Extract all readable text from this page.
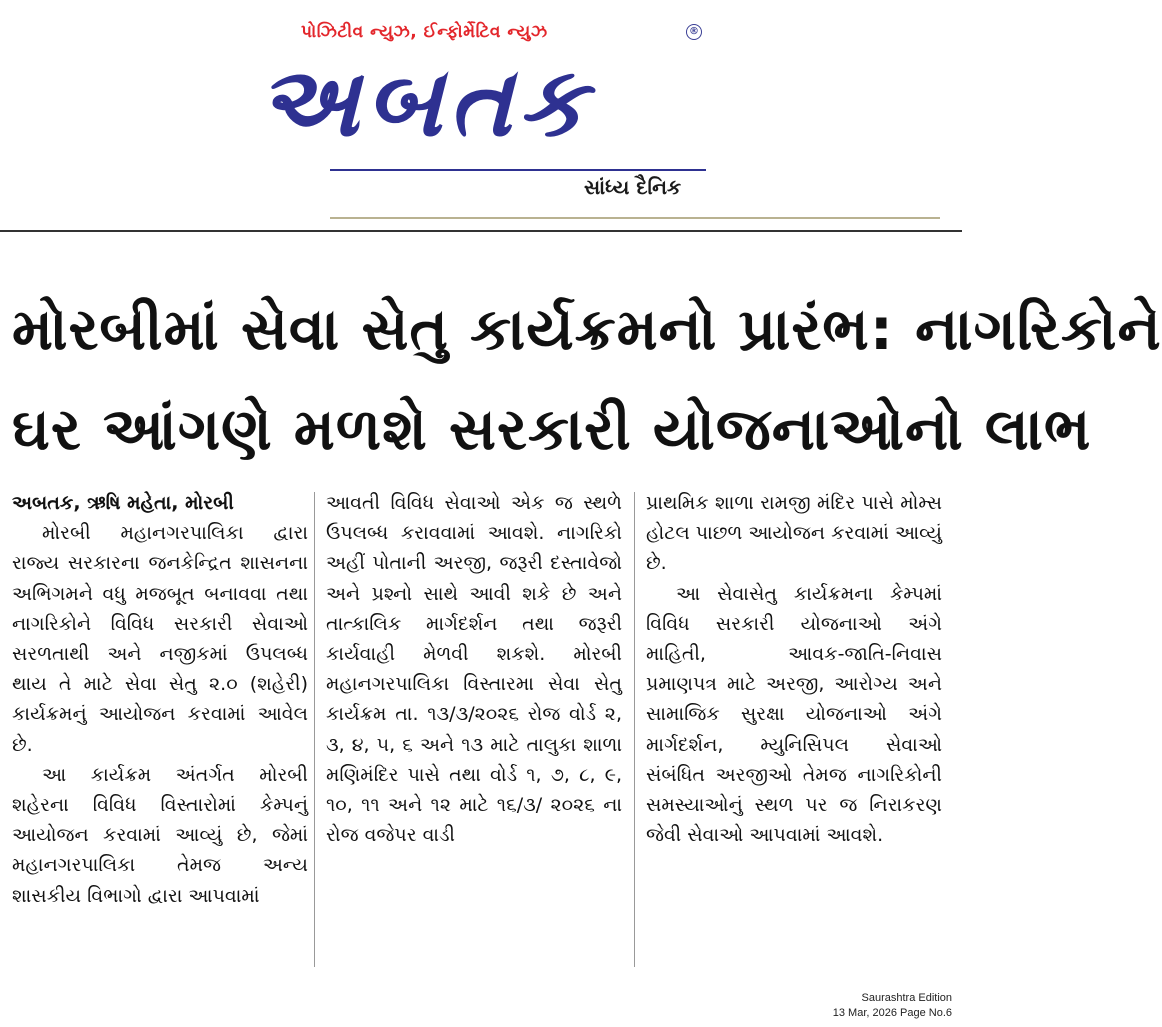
પોઝિટીવ ન્યુઝ, ઈન્ફોર્મેટિવ ન્યુઝ	®
અબતક
સાંધ્ય દૈનિક
મોરબીમાં સેવા સેતુ કાર્યક્રમનો પ્રારંભ: નાગરિકોને
ઘર આંગણે મળશે સરકારી યોજનાઓનો લાભ

અબતક, ઋષિ મહેતા, મોરબી

મોરબી મહાનગરપાલિકા દ્વારા રાજ્ય સરકારના જનકેન્દ્રિત શાસનના અભિગમને વધુ મજબૂત બનાવવા તથા નાગરિકોને વિવિધ સરકારી સેવાઓ સરળતાથી અને નજીકમાં ઉપલબ્ધ થાય તે માટે સેવા સેતુ ૨.૦ (શહેરી) કાર્યક્રમનું આયોજન કરવામાં આવેલ છે.

આ કાર્યક્રમ અંતર્ગત મોરબી શહેરના વિવિધ વિસ્તારોમાં કેમ્પનું આયોજન કરવામાં આવ્યું છે, જેમાં મહાનગરપાલિકા તેમજ અન્ય શાસકીય વિભાગો દ્વારા આપવામાં

આવતી વિવિધ સેવાઓ એક જ સ્થળે ઉપલબ્ધ કરાવવામાં આવશે. નાગરિકો અહીં પોતાની અરજી, જરૂરી દસ્તાવેજો અને પ્રશ્નો સાથે આવી શકે છે અને તાત્કાલિક માર્ગદર્શન તથા જરૂરી કાર્યવાહી મેળવી શકશે. મોરબી મહાનગરપાલિકા વિસ્તારમા સેવા સેતુ કાર્યક્રમ તા. ૧૩/૩/૨૦૨૬ રોજ વોર્ડ ૨, ૩, ૪, ૫, ૬ અને ૧૩ માટે તાલુકા શાળા મણિમંદિર પાસે તથા વોર્ડ ૧, ૭, ૮, ૯, ૧૦, ૧૧ અને ૧૨ માટે ૧૬/૩/ ૨૦૨૬ ના રોજ વજેપર વાડી

પ્રાથમિક શાળા રામજી મંદિર પાસે મોમ્સ હોટલ પાછળ આયોજન કરવામાં આવ્યું છે.

આ સેવાસેતુ કાર્યક્રમના કેમ્પમાં વિવિધ સરકારી યોજનાઓ અંગે માહિતી, આવક-જાતિ-નિવાસ પ્રમાણપત્ર માટે અરજી, આરોગ્ય અને સામાજિક સુરક્ષા યોજનાઓ અંગે માર્ગદર્શન, મ્યુનિસિપલ સેવાઓ સંબંધિત અરજીઓ તેમજ નાગરિકોની સમસ્યાઓનું સ્થળ પર જ નિરાકરણ જેવી સેવાઓ આપવામાં આવશે.

Saurashtra Edition
13 Mar, 2026 Page No.6
